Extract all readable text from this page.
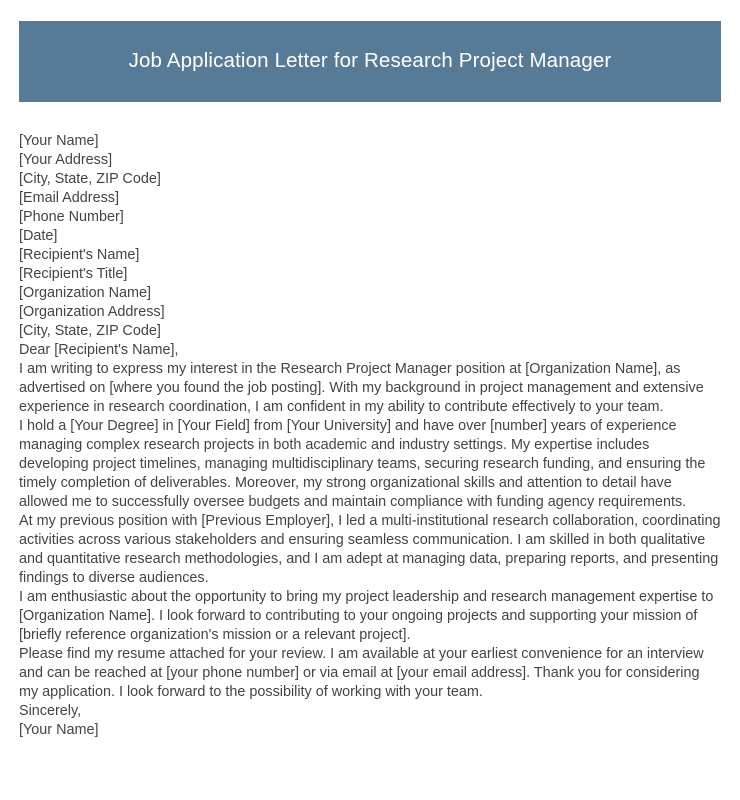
Job Application Letter for Research Project Manager
[Your Name]
[Your Address]
[City, State, ZIP Code]
[Email Address]
[Phone Number]
[Date]
[Recipient's Name]
[Recipient's Title]
[Organization Name]
[Organization Address]
[City, State, ZIP Code]
Dear [Recipient's Name],

I am writing to express my interest in the Research Project Manager position at [Organization Name], as advertised on [where you found the job posting]. With my background in project management and extensive experience in research coordination, I am confident in my ability to contribute effectively to your team.

I hold a [Your Degree] in [Your Field] from [Your University] and have over [number] years of experience managing complex research projects in both academic and industry settings. My expertise includes developing project timelines, managing multidisciplinary teams, securing research funding, and ensuring the timely completion of deliverables. Moreover, my strong organizational skills and attention to detail have allowed me to successfully oversee budgets and maintain compliance with funding agency requirements.

At my previous position with [Previous Employer], I led a multi-institutional research collaboration, coordinating activities across various stakeholders and ensuring seamless communication. I am skilled in both qualitative and quantitative research methodologies, and I am adept at managing data, preparing reports, and presenting findings to diverse audiences.

I am enthusiastic about the opportunity to bring my project leadership and research management expertise to [Organization Name]. I look forward to contributing to your ongoing projects and supporting your mission of [briefly reference organization's mission or a relevant project].

Please find my resume attached for your review. I am available at your earliest convenience for an interview and can be reached at [your phone number] or via email at [your email address]. Thank you for considering my application. I look forward to the possibility of working with your team.

Sincerely,
[Your Name]
